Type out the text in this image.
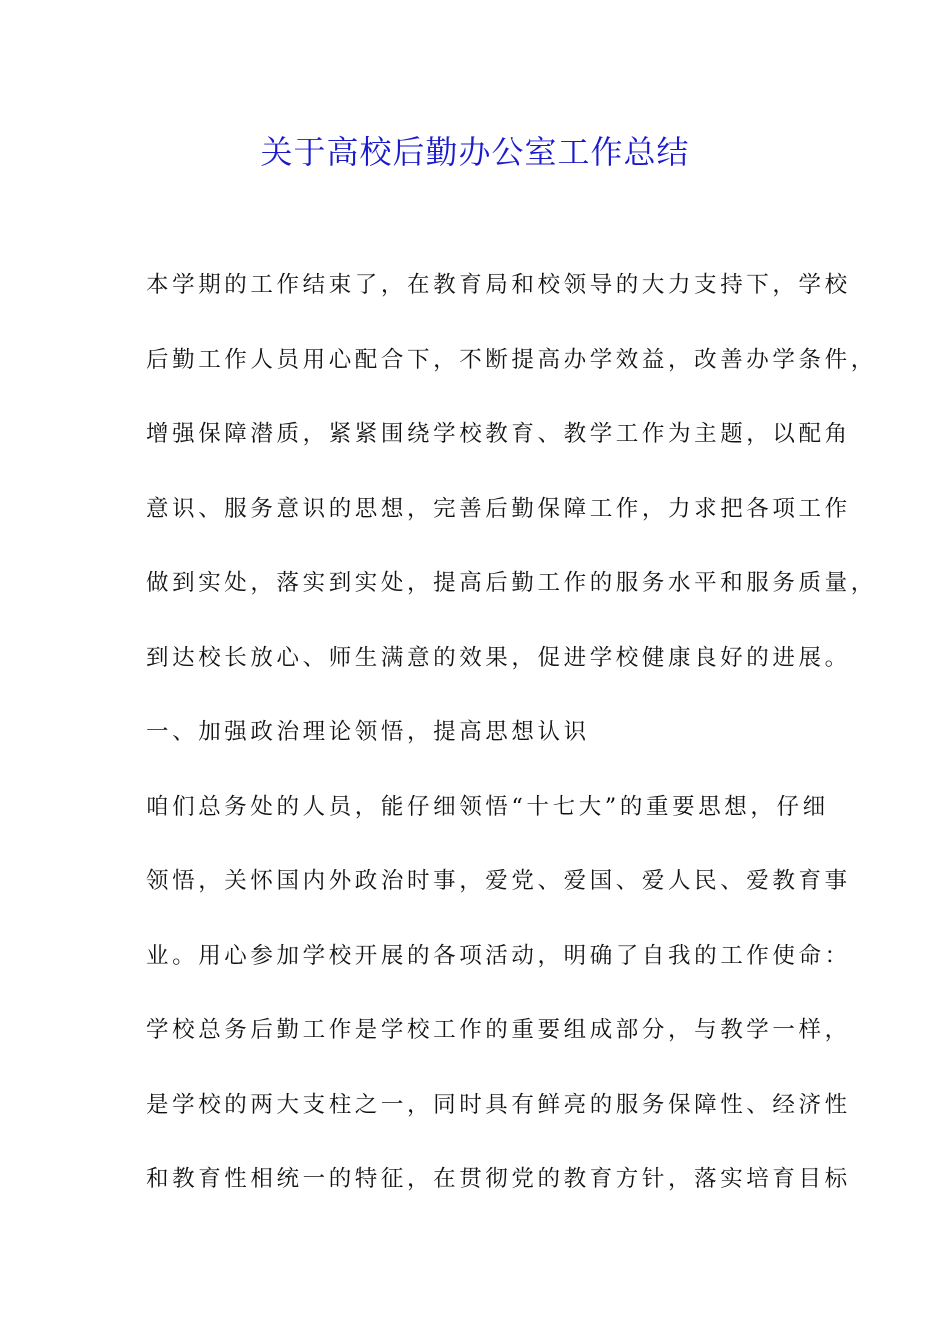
关于高校后勤办公室工作总结
本学期的工作结束了，在教育局和校领导的大力支持下，学校
后勤工作人员用心配合下，不断提高办学效益，改善办学条件，
增强保障潜质，紧紧围绕学校教育、教学工作为主题，以配角
意识、服务意识的思想，完善后勤保障工作，力求把各项工作
做到实处，落实到实处，提高后勤工作的服务水平和服务质量，
到达校长放心、师生满意的效果，促进学校健康良好的进展。
一、加强政治理论领悟，提高思想认识
咱们总务处的人员，能仔细领悟“十七大”的重要思想，仔细
领悟，关怀国内外政治时事，爱党、爱国、爱人民、爱教育事
业。用心参加学校开展的各项活动，明确了自我的工作使命：
学校总务后勤工作是学校工作的重要组成部分，与教学一样，
是学校的两大支柱之一，同时具有鲜亮的服务保障性、经济性
和教育性相统一的特征，在贯彻党的教育方针，落实培育目标
